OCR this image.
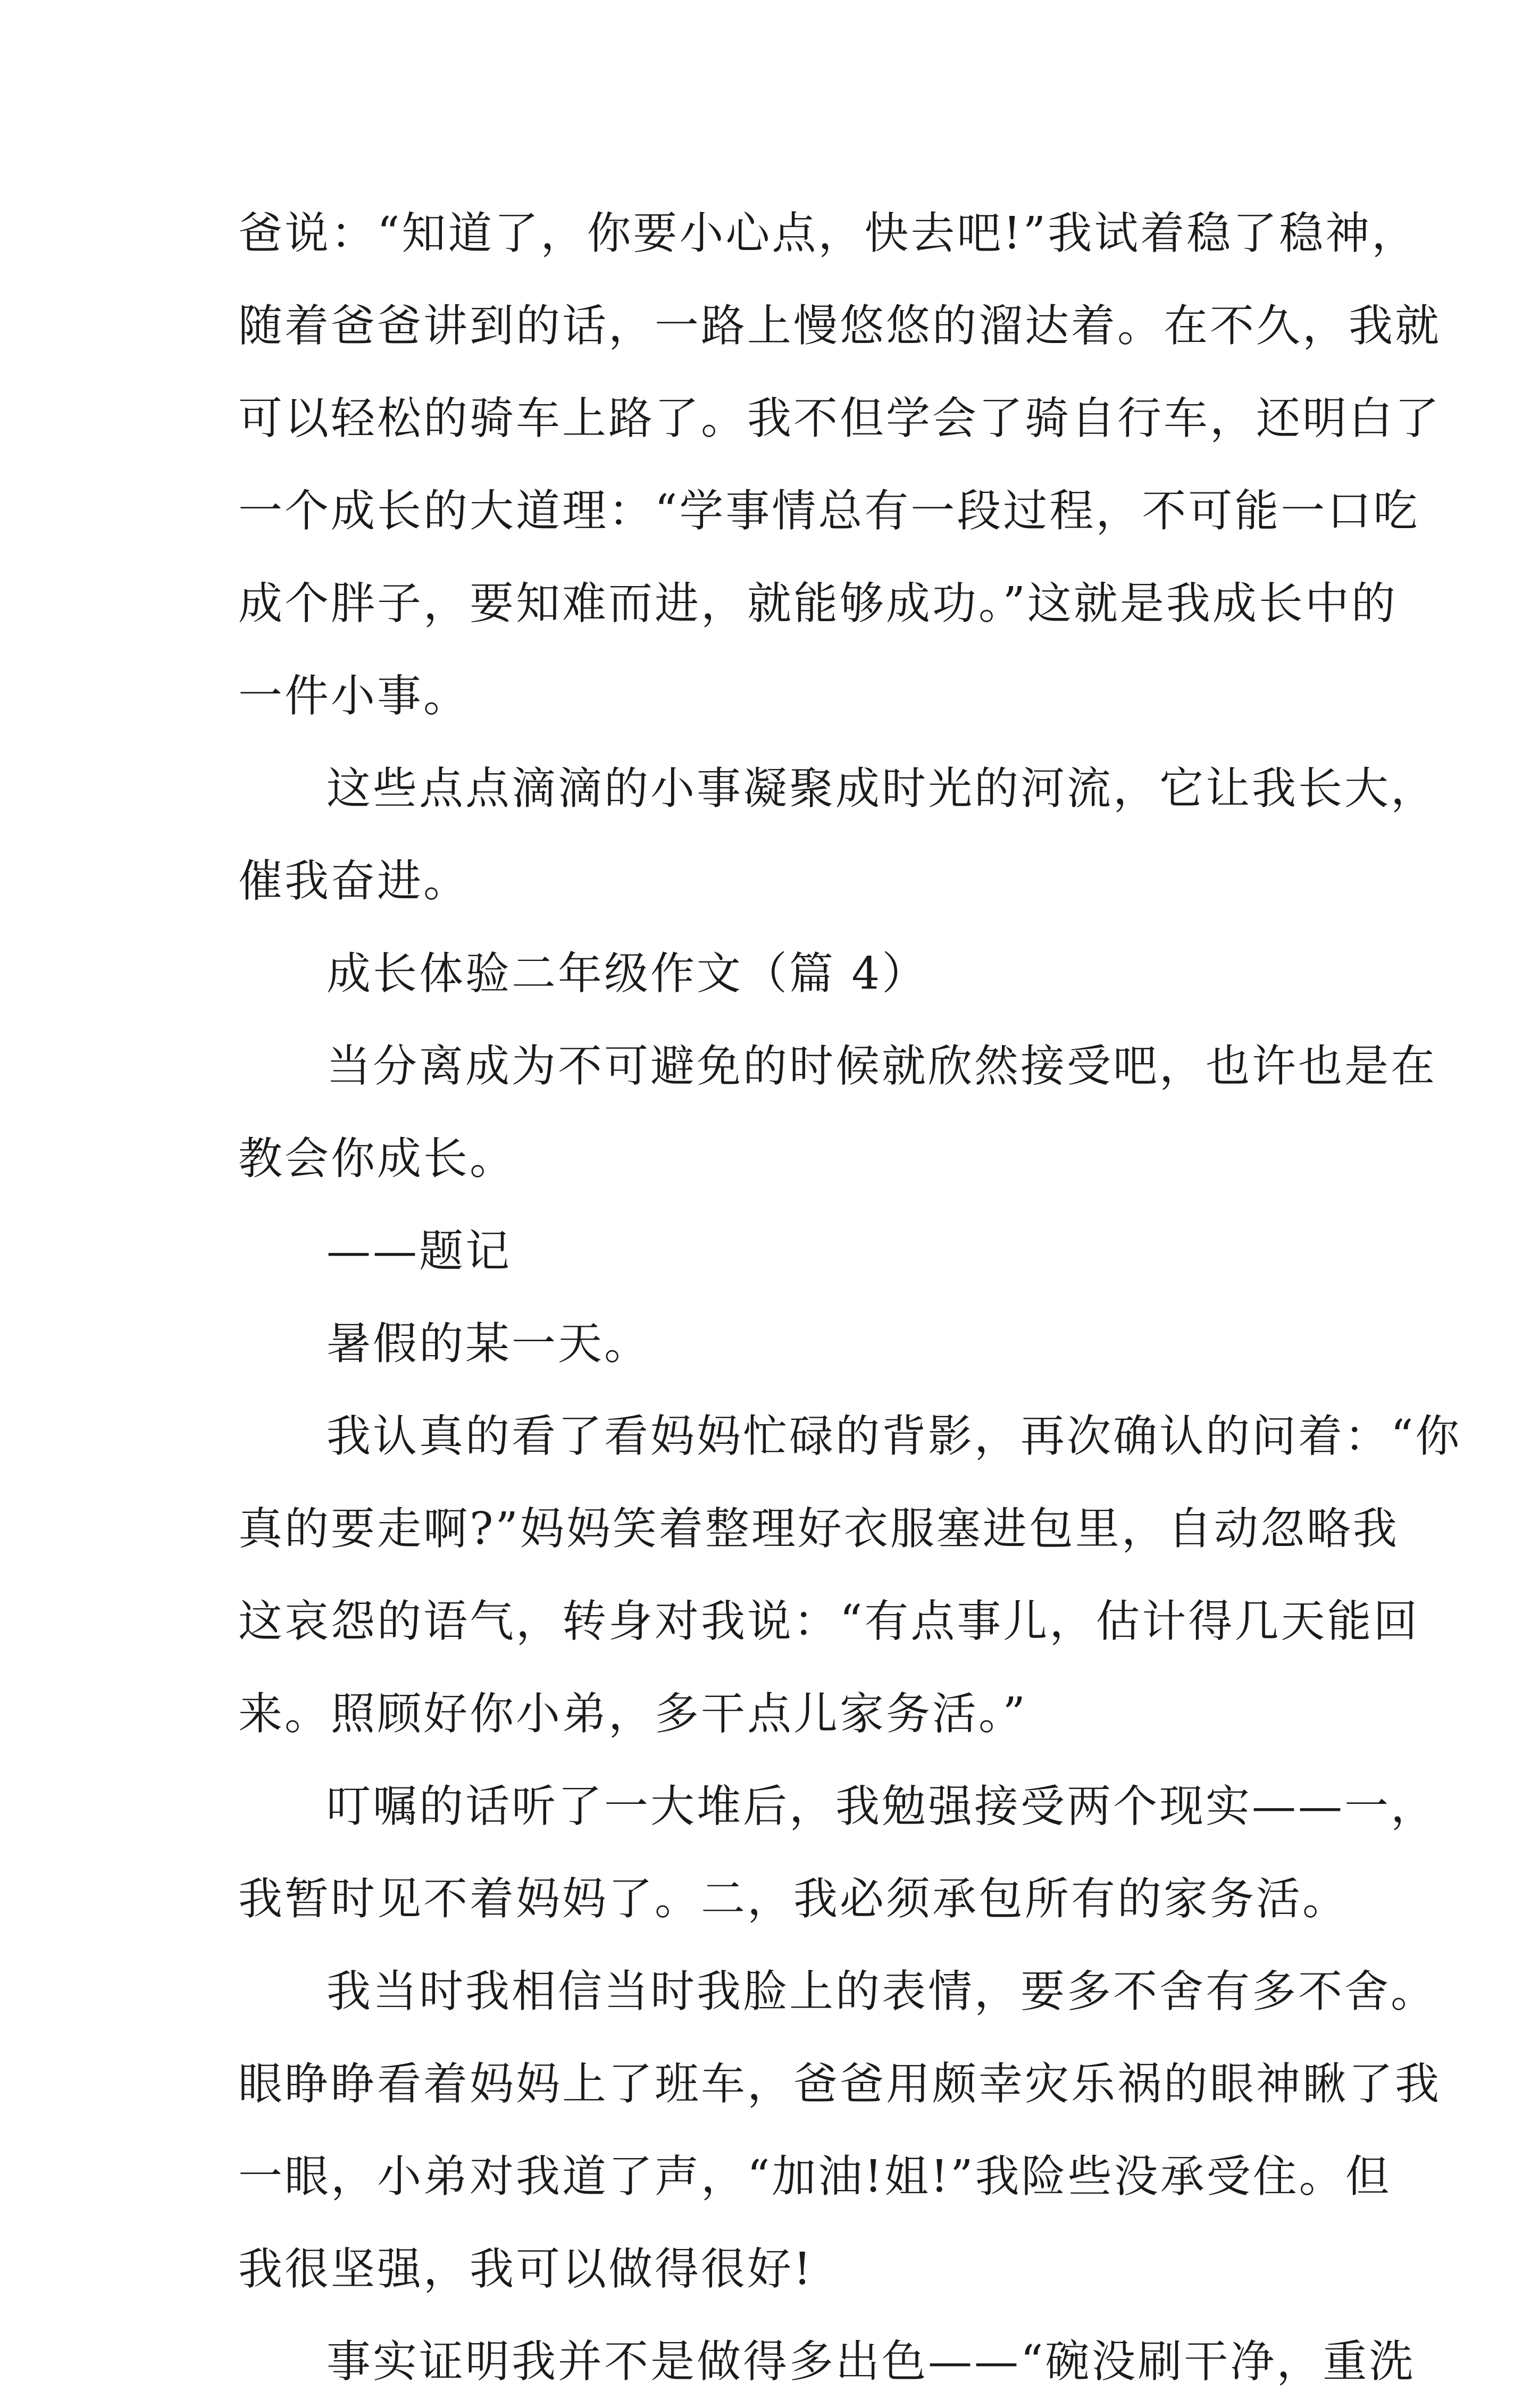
爸说：“知道了，你要小心点，快去吧!”我试着稳了稳神，
随着爸爸讲到的话，一路上慢悠悠的溜达着。在不久，我就
可以轻松的骑车上路了。我不但学会了骑自行车，还明白了
一个成长的大道理：“学事情总有一段过程，不可能一口吃
成个胖子，要知难而进，就能够成功。”这就是我成长中的
一件小事。
这些点点滴滴的小事凝聚成时光的河流，它让我长大，
催我奋进。
成长体验二年级作文（篇 4）
当分离成为不可避免的时候就欣然接受吧，也许也是在
教会你成长。
——题记
暑假的某一天。
我认真的看了看妈妈忙碌的背影，再次确认的问着：“你
真的要走啊?”妈妈笑着整理好衣服塞进包里，自动忽略我
这哀怨的语气，转身对我说：“有点事儿，估计得几天能回
来。照顾好你小弟，多干点儿家务活。”
叮嘱的话听了一大堆后，我勉强接受两个现实——一，
我暂时见不着妈妈了。二，我必须承包所有的家务活。
我当时我相信当时我脸上的表情，要多不舍有多不舍。
眼睁睁看着妈妈上了班车，爸爸用颇幸灾乐祸的眼神瞅了我
一眼，小弟对我道了声，“加油!姐!”我险些没承受住。但
我很坚强，我可以做得很好!
事实证明我并不是做得多出色——“碗没刷干净，重洗
